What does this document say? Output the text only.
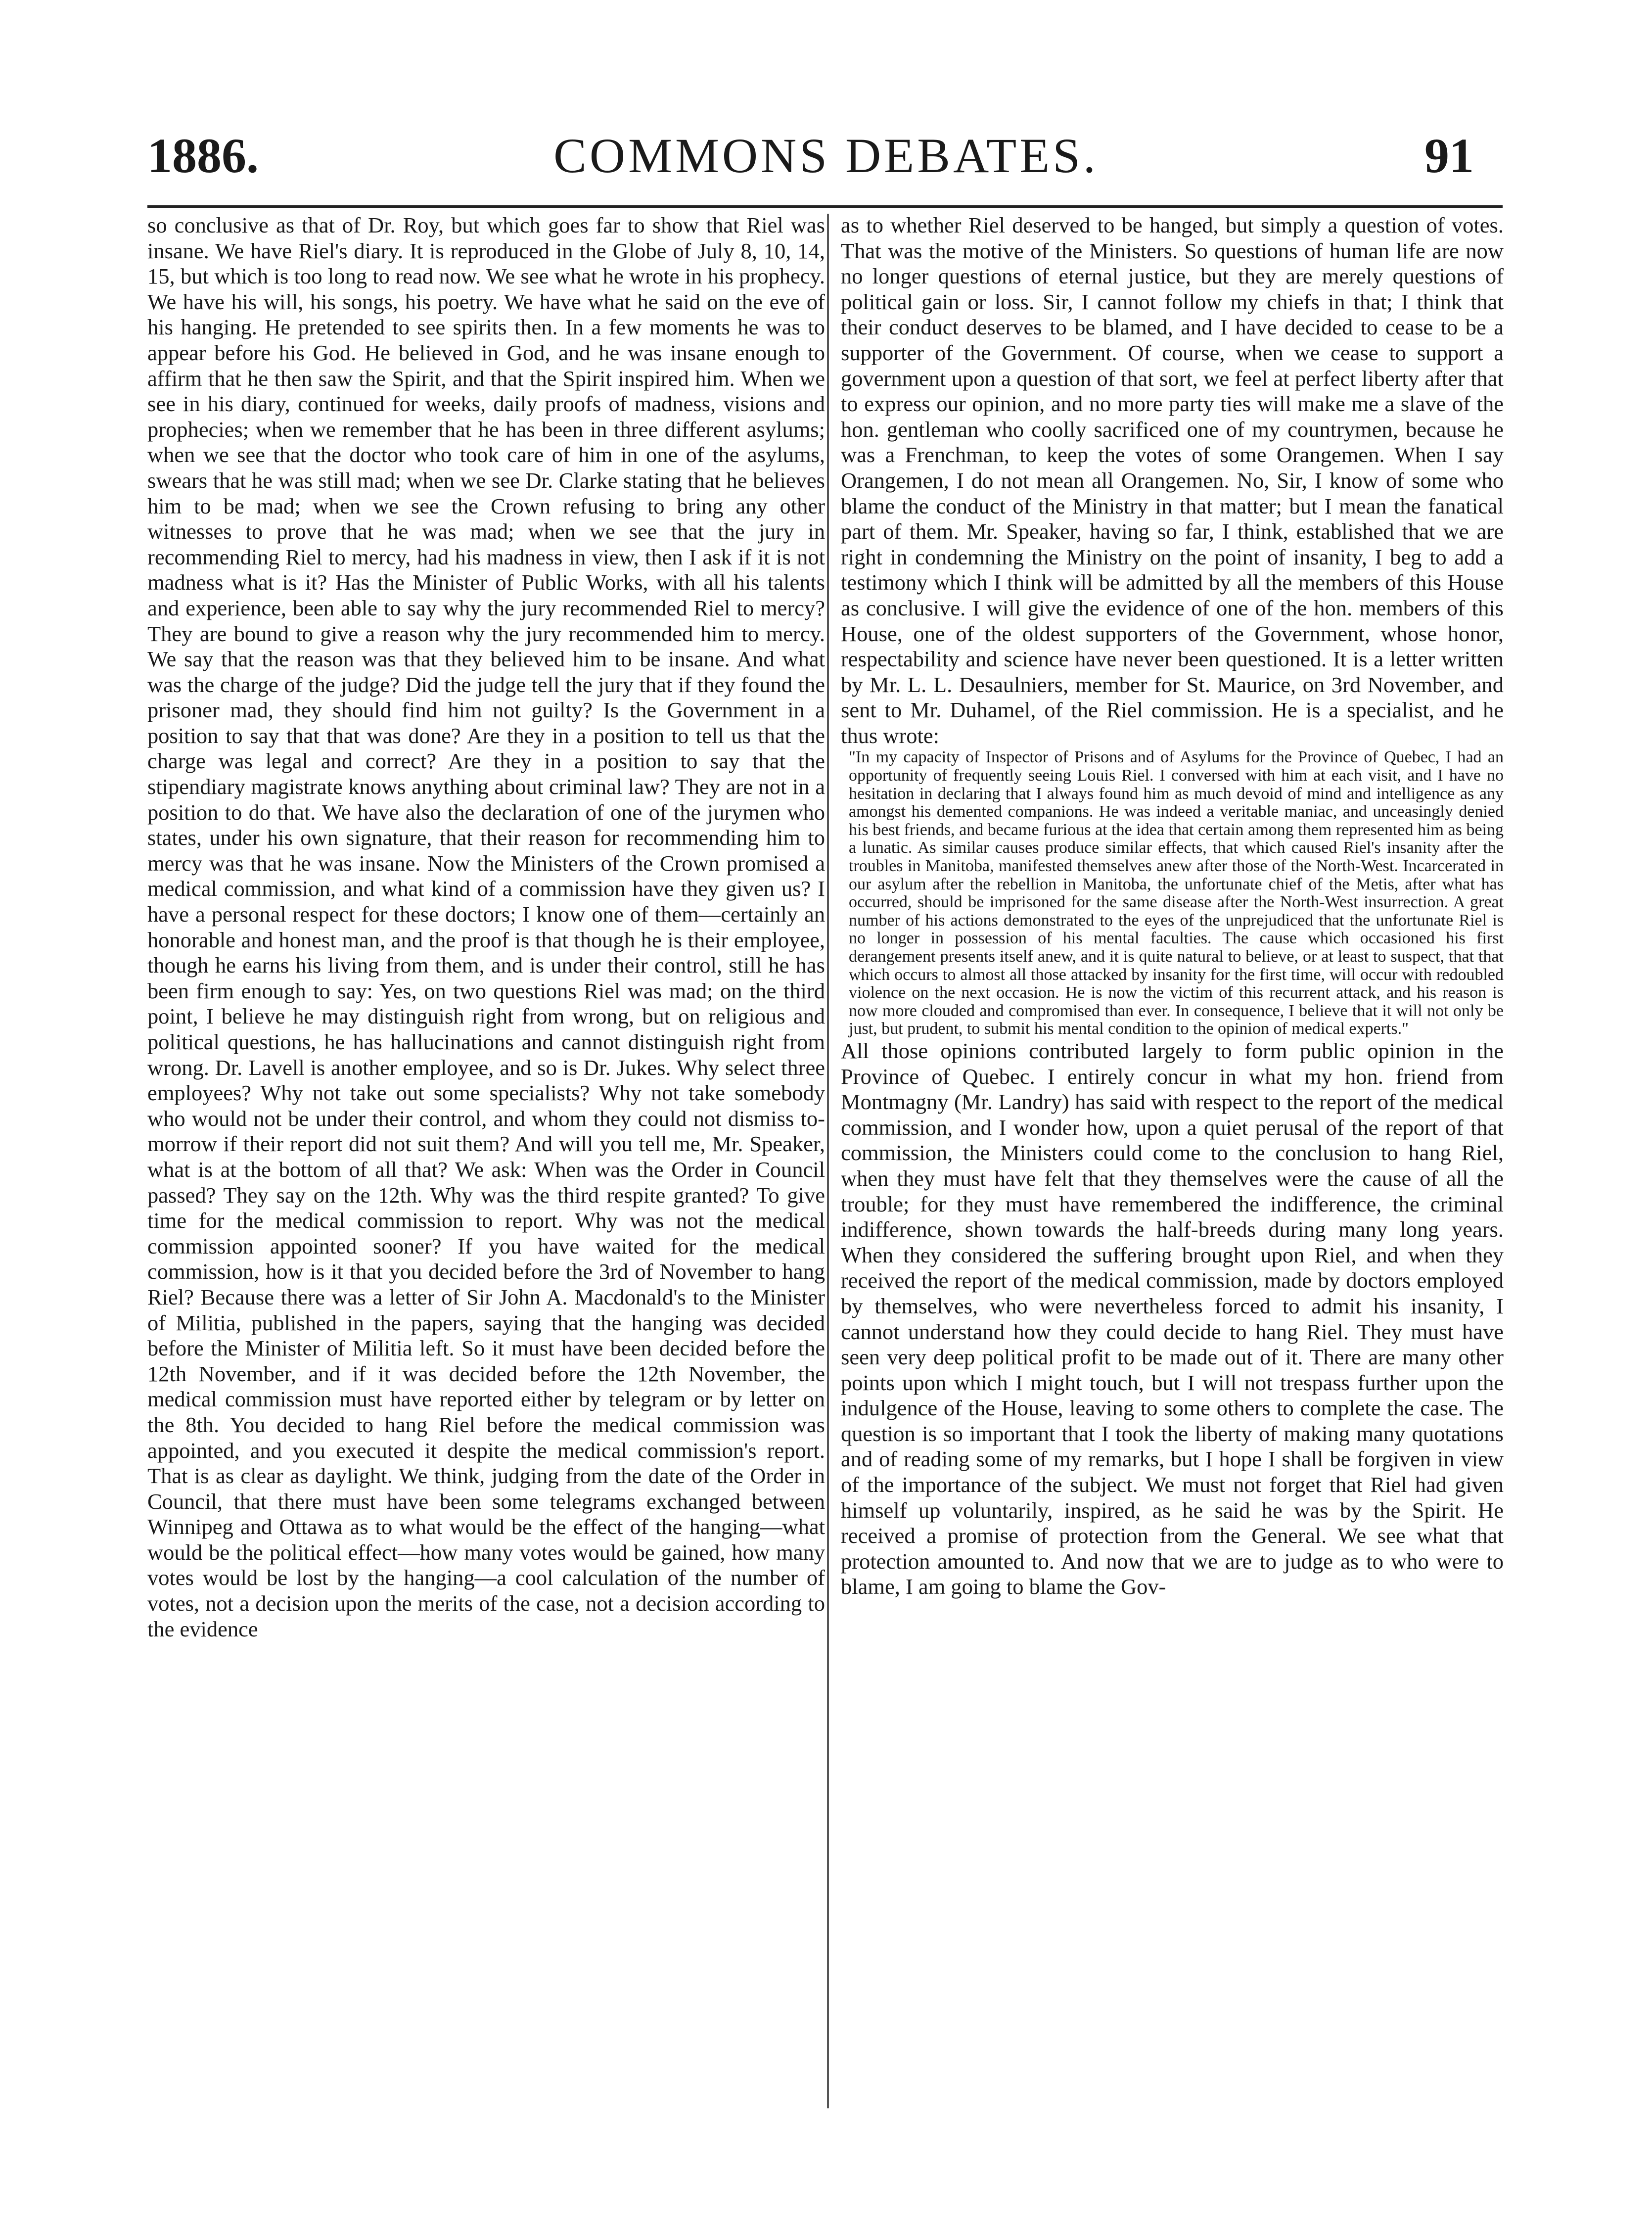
1886.	COMMONS DEBATES.	91

so conclusive as that of Dr. Roy, but which goes far to show that Riel was insane. We have Riel's diary. It is reproduced in the Globe of July 8, 10, 14, 15, but which is too long to read now. We see what he wrote in his prophecy. We have his will, his songs, his poetry. We have what he said on the eve of his hanging. He pretended to see spirits then. In a few moments he was to appear before his God. He believed in God, and he was insane enough to affirm that he then saw the Spirit, and that the Spirit inspired him. When we see in his diary, continued for weeks, daily proofs of madness, visions and prophecies; when we remember that he has been in three different asylums; when we see that the doctor who took care of him in one of the asylums, swears that he was still mad; when we see Dr. Clarke stating that he believes him to be mad; when we see the Crown refusing to bring any other witnesses to prove that he was mad; when we see that the jury in recommending Riel to mercy, had his madness in view, then I ask if it is not madness what is it? Has the Minister of Public Works, with all his talents and experience, been able to say why the jury recommended Riel to mercy? They are bound to give a reason why the jury recommended him to mercy. We say that the reason was that they believed him to be insane. And what was the charge of the judge? Did the judge tell the jury that if they found the prisoner mad, they should find him not guilty? Is the Government in a position to say that that was done? Are they in a position to tell us that the charge was legal and correct? Are they in a position to say that the stipendiary magistrate knows anything about criminal law? They are not in a position to do that. We have also the declaration of one of the jurymen who states, under his own signature, that their reason for recommending him to mercy was that he was insane. Now the Ministers of the Crown promised a medical commission, and what kind of a commission have they given us? I have a personal respect for these doctors; I know one of them—certainly an honorable and honest man, and the proof is that though he is their employee, though he earns his living from them, and is under their control, still he has been firm enough to say: Yes, on two questions Riel was mad; on the third point, I believe he may distinguish right from wrong, but on religious and political questions, he has hallucinations and cannot distinguish right from wrong. Dr. Lavell is another employee, and so is Dr. Jukes. Why select three employees? Why not take out some specialists? Why not take somebody who would not be under their control, and whom they could not dismiss to-morrow if their report did not suit them? And will you tell me, Mr. Speaker, what is at the bottom of all that? We ask: When was the Order in Council passed? They say on the 12th. Why was the third respite granted? To give time for the medical commission to report. Why was not the medical commission appointed sooner? If you have waited for the medical commission, how is it that you decided before the 3rd of November to hang Riel? Because there was a letter of Sir John A. Macdonald's to the Minister of Militia, published in the papers, saying that the hanging was decided before the Minister of Militia left. So it must have been decided before the 12th November, and if it was decided before the 12th November, the medical commission must have reported either by telegram or by letter on the 8th. You decided to hang Riel before the medical commission was appointed, and you executed it despite the medical commission's report. That is as clear as daylight. We think, judging from the date of the Order in Council, that there must have been some telegrams exchanged between Winnipeg and Ottawa as to what would be the effect of the hanging—what would be the political effect—how many votes would be gained, how many votes would be lost by the hanging—a cool calculation of the number of votes, not a decision upon the merits of the case, not a decision according to the evidence

as to whether Riel deserved to be hanged, but simply a question of votes. That was the motive of the Ministers. So questions of human life are now no longer questions of eternal justice, but they are merely questions of political gain or loss. Sir, I cannot follow my chiefs in that; I think that their conduct deserves to be blamed, and I have decided to cease to be a supporter of the Government. Of course, when we cease to support a government upon a question of that sort, we feel at perfect liberty after that to express our opinion, and no more party ties will make me a slave of the hon. gentleman who coolly sacrificed one of my countrymen, because he was a Frenchman, to keep the votes of some Orangemen. When I say Orangemen, I do not mean all Orangemen. No, Sir, I know of some who blame the conduct of the Ministry in that matter; but I mean the fanatical part of them. Mr. Speaker, having so far, I think, established that we are right in condemning the Ministry on the point of insanity, I beg to add a testimony which I think will be admitted by all the members of this House as conclusive. I will give the evidence of one of the hon. members of this House, one of the oldest supporters of the Government, whose honor, respectability and science have never been questioned. It is a letter written by Mr. L. L. Desaulniers, member for St. Maurice, on 3rd November, and sent to Mr. Duhamel, of the Riel commission. He is a specialist, and he thus wrote:

"In my capacity of Inspector of Prisons and of Asylums for the Province of Quebec, I had an opportunity of frequently seeing Louis Riel. I conversed with him at each visit, and I have no hesitation in declaring that I always found him as much devoid of mind and intelligence as any amongst his demented companions. He was indeed a veritable maniac, and unceasingly denied his best friends, and became furious at the idea that certain among them represented him as being a lunatic. As similar causes produce similar effects, that which caused Riel's insanity after the troubles in Manitoba, manifested themselves anew after those of the North-West. Incarcerated in our asylum after the rebellion in Manitoba, the unfortunate chief of the Metis, after what has occurred, should be imprisoned for the same disease after the North-West insurrection. A great number of his actions demonstrated to the eyes of the unprejudiced that the unfortunate Riel is no longer in possession of his mental faculties. The cause which occasioned his first derangement presents itself anew, and it is quite natural to believe, or at least to suspect, that that which occurs to almost all those attacked by insanity for the first time, will occur with redoubled violence on the next occasion. He is now the victim of this recurrent attack, and his reason is now more clouded and compromised than ever. In consequence, I believe that it will not only be just, but prudent, to submit his mental condition to the opinion of medical experts."

All those opinions contributed largely to form public opinion in the Province of Quebec. I entirely concur in what my hon. friend from Montmagny (Mr. Landry) has said with respect to the report of the medical commission, and I wonder how, upon a quiet perusal of the report of that commission, the Ministers could come to the conclusion to hang Riel, when they must have felt that they themselves were the cause of all the trouble; for they must have remembered the indifference, the criminal indifference, shown towards the half-breeds during many long years. When they considered the suffering brought upon Riel, and when they received the report of the medical commission, made by doctors employed by themselves, who were nevertheless forced to admit his insanity, I cannot understand how they could decide to hang Riel. They must have seen very deep political profit to be made out of it. There are many other points upon which I might touch, but I will not trespass further upon the indulgence of the House, leaving to some others to complete the case. The question is so important that I took the liberty of making many quotations and of reading some of my remarks, but I hope I shall be forgiven in view of the importance of the subject. We must not forget that Riel had given himself up voluntarily, inspired, as he said he was by the Spirit. He received a promise of protection from the General. We see what that protection amounted to. And now that we are to judge as to who were to blame, I am going to blame the Gov-
